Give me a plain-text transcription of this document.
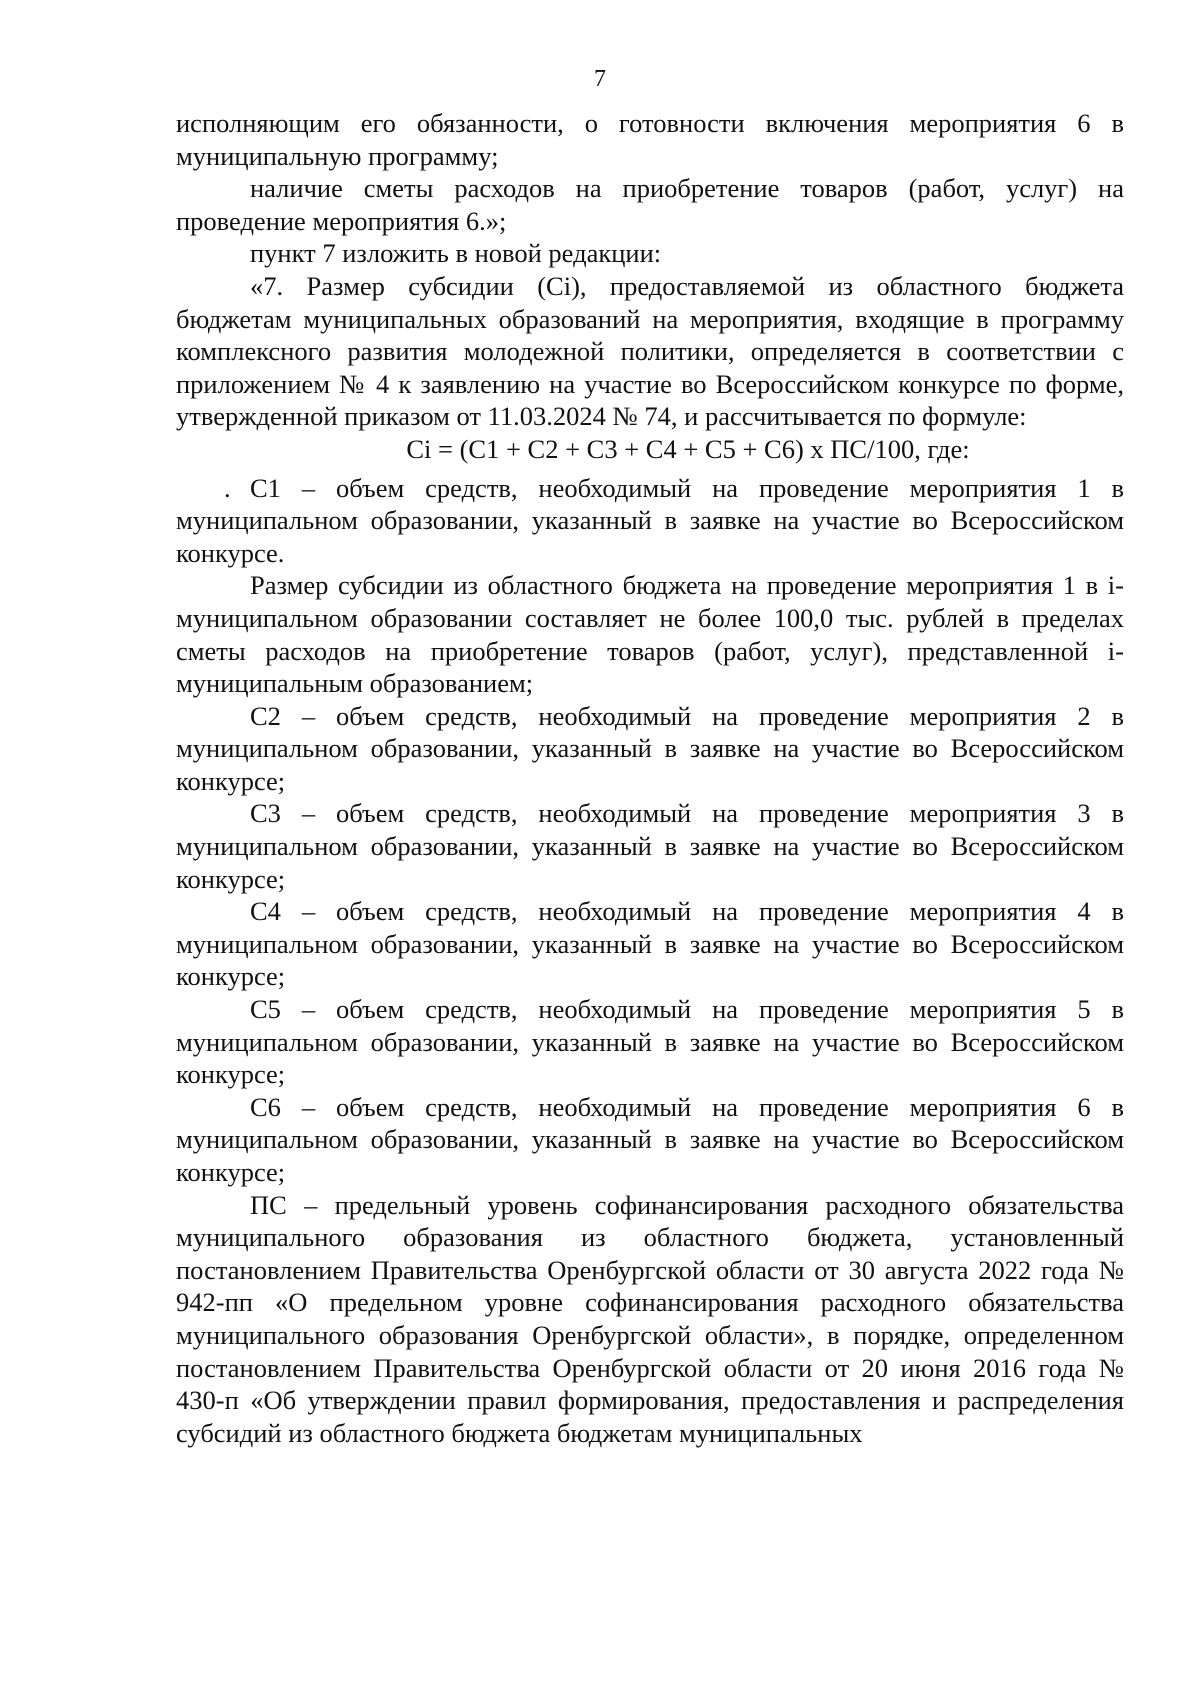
7

исполняющим его обязанности, о готовности включения мероприятия 6 в муниципальную программу;

наличие сметы расходов на приобретение товаров (работ, услуг) на проведение мероприятия 6.»;

пункт 7 изложить в новой редакции:

«7. Размер субсидии (Ci), предоставляемой из областного бюджета бюджетам муниципальных образований на мероприятия, входящие в программу комплексного развития молодежной политики, определяется в соответствии с приложением № 4 к заявлению на участие во Всероссийском конкурсе по форме, утвержденной приказом от 11.03.2024 № 74, и рассчитывается по формуле:

Ci = (C1 + C2 + C3 + C4 + C5 + C6) х ПС/100, где:

. C1 – объем средств, необходимый на проведение мероприятия 1 в муниципальном образовании, указанный в заявке на участие во Всероссийском конкурсе.

Размер субсидии из областного бюджета на проведение мероприятия 1 в i-муниципальном образовании составляет не более 100,0 тыс. рублей в пределах сметы расходов на приобретение товаров (работ, услуг), представленной i-муниципальным образованием;

C2 – объем средств, необходимый на проведение мероприятия 2 в муниципальном образовании, указанный в заявке на участие во Всероссийском конкурсе;

C3 – объем средств, необходимый на проведение мероприятия 3 в муниципальном образовании, указанный в заявке на участие во Всероссийском конкурсе;

C4 – объем средств, необходимый на проведение мероприятия 4 в муниципальном образовании, указанный в заявке на участие во Всероссийском конкурсе;

C5 – объем средств, необходимый на проведение мероприятия 5 в муниципальном образовании, указанный в заявке на участие во Всероссийском конкурсе;

C6 – объем средств, необходимый на проведение мероприятия 6 в муниципальном образовании, указанный в заявке на участие во Всероссийском конкурсе;

ПС – предельный уровень софинансирования расходного обязательства муниципального образования из областного бюджета, установленный постановлением Правительства Оренбургской области от 30 августа 2022 года № 942-пп «О предельном уровне софинансирования расходного обязательства муниципального образования Оренбургской области», в порядке, определенном постановлением Правительства Оренбургской области от 20 июня 2016 года № 430-п «Об утверждении правил формирования, предоставления и распределения субсидий из областного бюджета бюджетам муниципальных
